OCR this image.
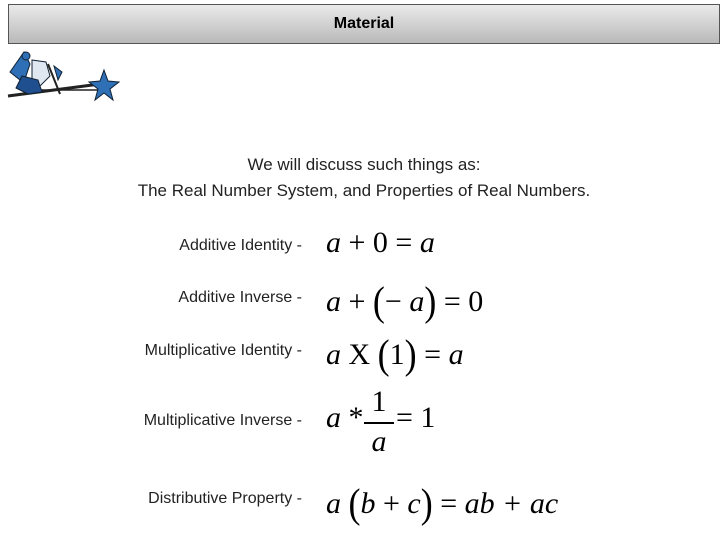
Material
We will discuss such things as:
The Real Number System, and Properties of Real Numbers.
Additive Identity -
Additive Inverse -
Multiplicative Identity -
Multiplicative Inverse -
Distributive Property -
a + 0 = a
a + (− a) = 0
a X (1) = a
a * 1
a
= 1
a (b + c) = ab + ac
